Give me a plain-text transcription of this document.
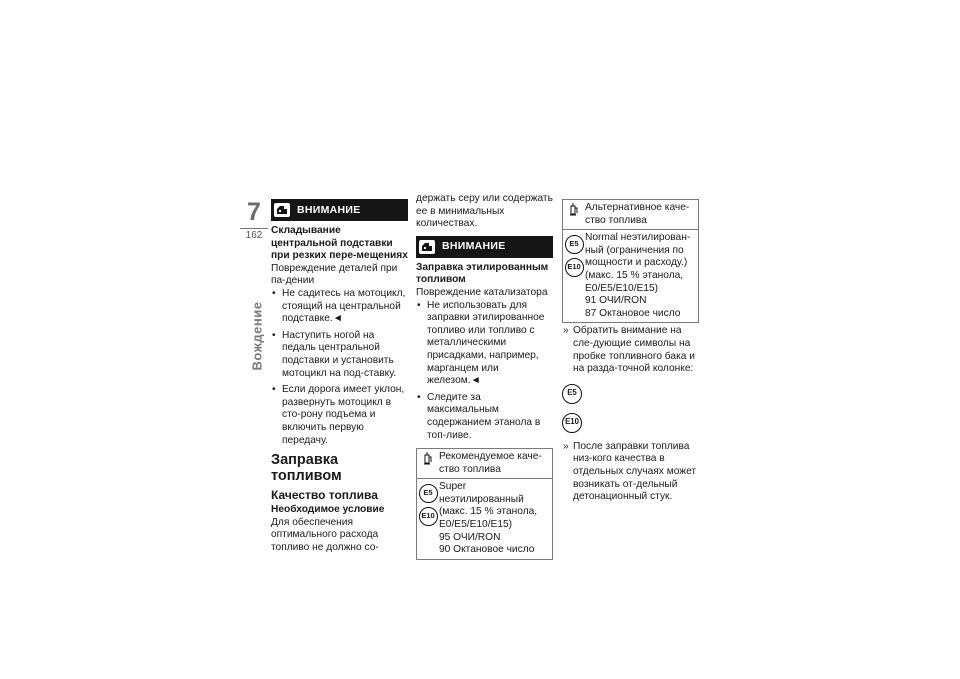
7
162
Вождение
ВНИМАНИЕ
Складывание центральной подставки при резких пере-мещениях

Повреждение деталей при па-дении

• Не садитесь на мотоцикл, стоящий на центральной подставке.◄
• Наступить ногой на педаль центральной подставки и установить мотоцикл на под-ставку.
• Если дорога имеет уклон, развернуть мотоцикл в сто-рону подъема и включить первую передачу.
Заправка топливом
Качество топлива
Необходимое условие

Для обеспечения оптимального расхода топливо не должно со-

держать серу или содержать ее в минимальных количествах.

ВНИМАНИЕ
Заправка этилированным топливом

Повреждение катализатора

• Не использовать для заправки этилированное топливо или топливо с металлическими присадками, например, марганцем или железом.◄
• Следите за максимальным содержанием этанола в топ-ливе.
Рекомендуемое каче-ство топлива
E5
E10
Super неэтилированный (макс. 15 % этанола, E0/E5/E10/E15)
95 ОЧИ/RON
90 Октановое число
Альтернативное каче-ство топлива
E5
E10
Normal неэтилирован-ный (ограничения по мощности и расходу.) (макс. 15 % этанола, E0/E5/E10/E15)
91 ОЧИ/RON
87 Октановое число
» Обратить внимание на сле-дующие символы на пробке топливного бака и на разда-точной колонке:
E5
E10
» После заправки топлива низ-кого качества в отдельных случаях может возникать от-дельный детонационный стук.
